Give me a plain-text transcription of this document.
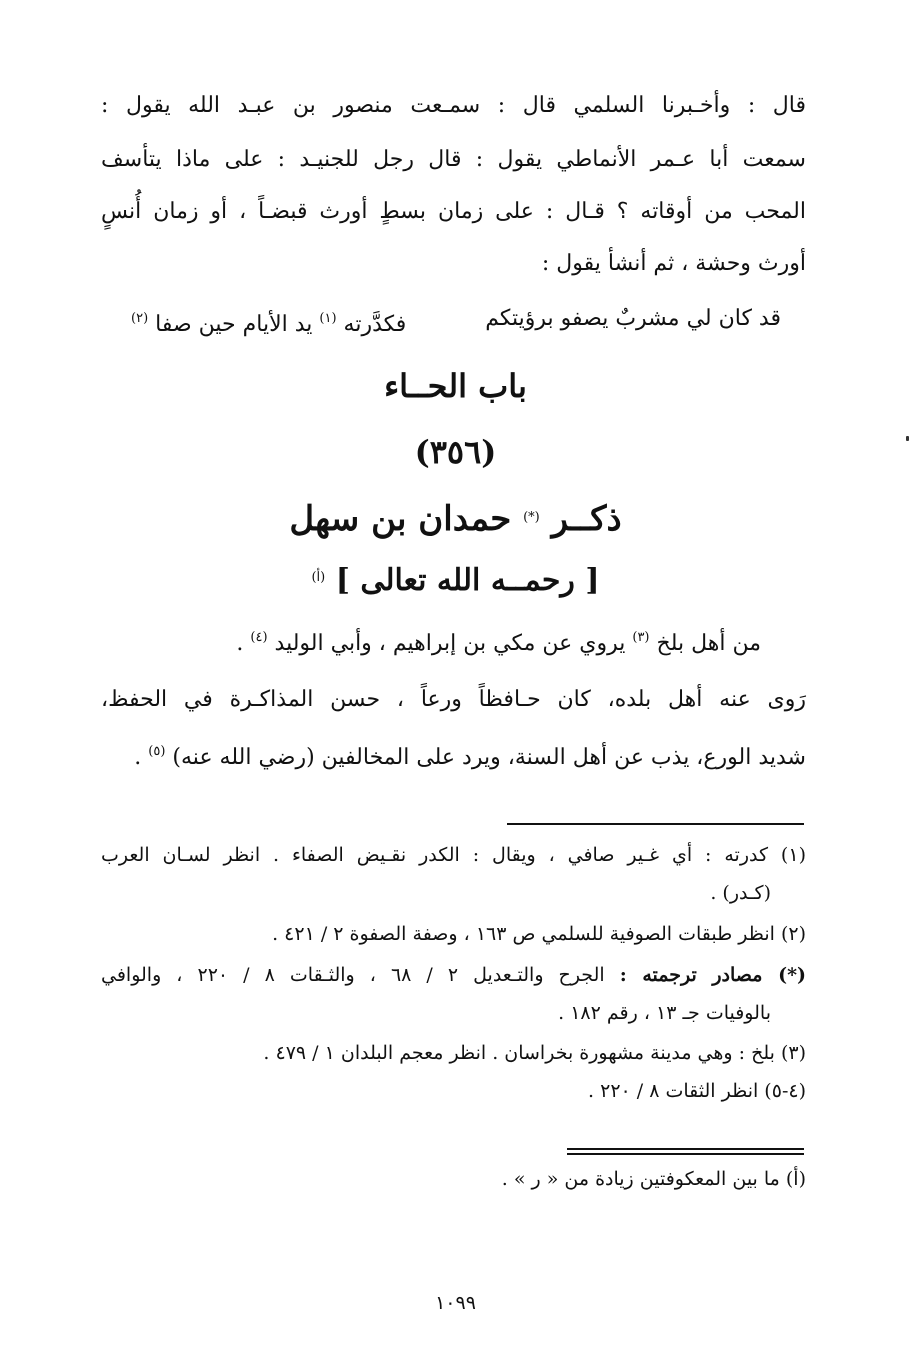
قال : وأخـبرنا السلمي قال : سمـعت منصور بن عبـد الله يقول :
سمعت أبا عـمر الأنماطي يقول : قال رجل للجنيـد : على ماذا يتأسف
المحب من أوقاته ؟ قـال : على زمان بسطٍ أورث قبضـاً ، أو زمان أُنسٍ
أورث وحشة ، ثم أنشأ يقول :
قد كان لي مشربٌ يصفو برؤيتكم
فكدَّرته $^{(١)}$ يد الأيام حين صفا $^{(٢)}$
باب الحــاء
(٣٥٦)
ذكــر (*) حمدان بن سهل
[ رحمــه الله تعالى ] $^{(أ)}$
من أهل بلخ $^{(٣)}$ يروي عن مكي بن إبراهيم ، وأبي الوليد $^{(٤)}$ .
رَوى عنه أهل بلده، كان حـافظاً ورعاً ، حسن المذاكـرة في الحفظ،
شديد الورع، يذب عن أهل السنة، ويرد على المخالفين (رضي الله عنه) $^{(٥)}$ .
(١) كدرته : أي غـير صافي ، ويقال : الكدر نقـيض الصفاء . انظر لسـان العرب
(كـدر) .
(٢) انظر طبقات الصوفية للسلمي ص ١٦٣ ، وصفة الصفوة ٢ / ٤٢١ .
(*) مصادر ترجمته : الجرح والتـعديل ٢ / ٦٨ ، والثـقات ٨ / ٢٢٠ ، والوافي
بالوفيات جـ ١٣ ، رقم ١٨٢ .
(٣) بلخ : وهي مدينة مشهورة بخراسان . انظر معجم البلدان ١ / ٤٧٩ .
(٤-٥) انظر الثقات ٨ / ٢٢٠ .
(أ) ما بين المعكوفتين زيادة من « ر » .
١٠٩٩
